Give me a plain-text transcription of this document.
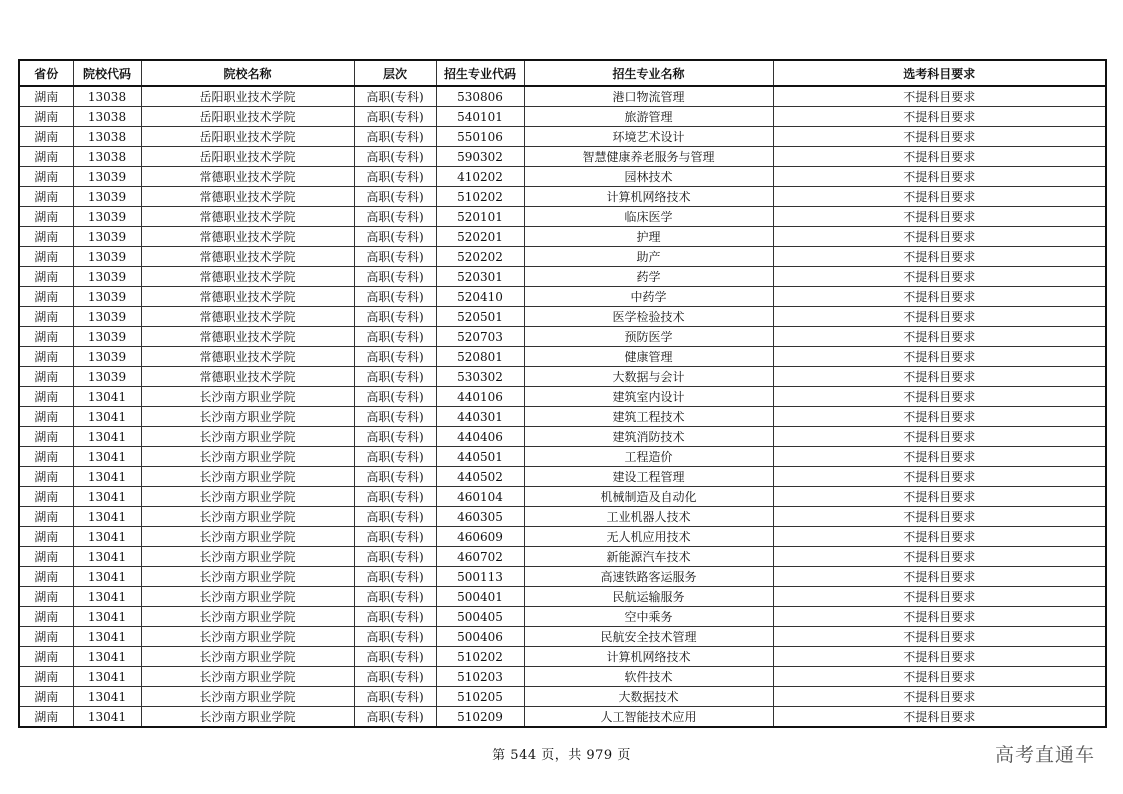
省份	院校代码	院校名称	层次	招生专业代码	招生专业名称	选考科目要求
湖南	13038	岳阳职业技术学院	高职(专科)	530806	港口物流管理	不提科目要求
湖南	13038	岳阳职业技术学院	高职(专科)	540101	旅游管理	不提科目要求
湖南	13038	岳阳职业技术学院	高职(专科)	550106	环境艺术设计	不提科目要求
湖南	13038	岳阳职业技术学院	高职(专科)	590302	智慧健康养老服务与管理	不提科目要求
湖南	13039	常德职业技术学院	高职(专科)	410202	园林技术	不提科目要求
湖南	13039	常德职业技术学院	高职(专科)	510202	计算机网络技术	不提科目要求
湖南	13039	常德职业技术学院	高职(专科)	520101	临床医学	不提科目要求
湖南	13039	常德职业技术学院	高职(专科)	520201	护理	不提科目要求
湖南	13039	常德职业技术学院	高职(专科)	520202	助产	不提科目要求
湖南	13039	常德职业技术学院	高职(专科)	520301	药学	不提科目要求
湖南	13039	常德职业技术学院	高职(专科)	520410	中药学	不提科目要求
湖南	13039	常德职业技术学院	高职(专科)	520501	医学检验技术	不提科目要求
湖南	13039	常德职业技术学院	高职(专科)	520703	预防医学	不提科目要求
湖南	13039	常德职业技术学院	高职(专科)	520801	健康管理	不提科目要求
湖南	13039	常德职业技术学院	高职(专科)	530302	大数据与会计	不提科目要求
湖南	13041	长沙南方职业学院	高职(专科)	440106	建筑室内设计	不提科目要求
湖南	13041	长沙南方职业学院	高职(专科)	440301	建筑工程技术	不提科目要求
湖南	13041	长沙南方职业学院	高职(专科)	440406	建筑消防技术	不提科目要求
湖南	13041	长沙南方职业学院	高职(专科)	440501	工程造价	不提科目要求
湖南	13041	长沙南方职业学院	高职(专科)	440502	建设工程管理	不提科目要求
湖南	13041	长沙南方职业学院	高职(专科)	460104	机械制造及自动化	不提科目要求
湖南	13041	长沙南方职业学院	高职(专科)	460305	工业机器人技术	不提科目要求
湖南	13041	长沙南方职业学院	高职(专科)	460609	无人机应用技术	不提科目要求
湖南	13041	长沙南方职业学院	高职(专科)	460702	新能源汽车技术	不提科目要求
湖南	13041	长沙南方职业学院	高职(专科)	500113	高速铁路客运服务	不提科目要求
湖南	13041	长沙南方职业学院	高职(专科)	500401	民航运输服务	不提科目要求
湖南	13041	长沙南方职业学院	高职(专科)	500405	空中乘务	不提科目要求
湖南	13041	长沙南方职业学院	高职(专科)	500406	民航安全技术管理	不提科目要求
湖南	13041	长沙南方职业学院	高职(专科)	510202	计算机网络技术	不提科目要求
湖南	13041	长沙南方职业学院	高职(专科)	510203	软件技术	不提科目要求
湖南	13041	长沙南方职业学院	高职(专科)	510205	大数据技术	不提科目要求
湖南	13041	长沙南方职业学院	高职(专科)	510209	人工智能技术应用	不提科目要求
第 544 页，共 979 页	高考直通车
